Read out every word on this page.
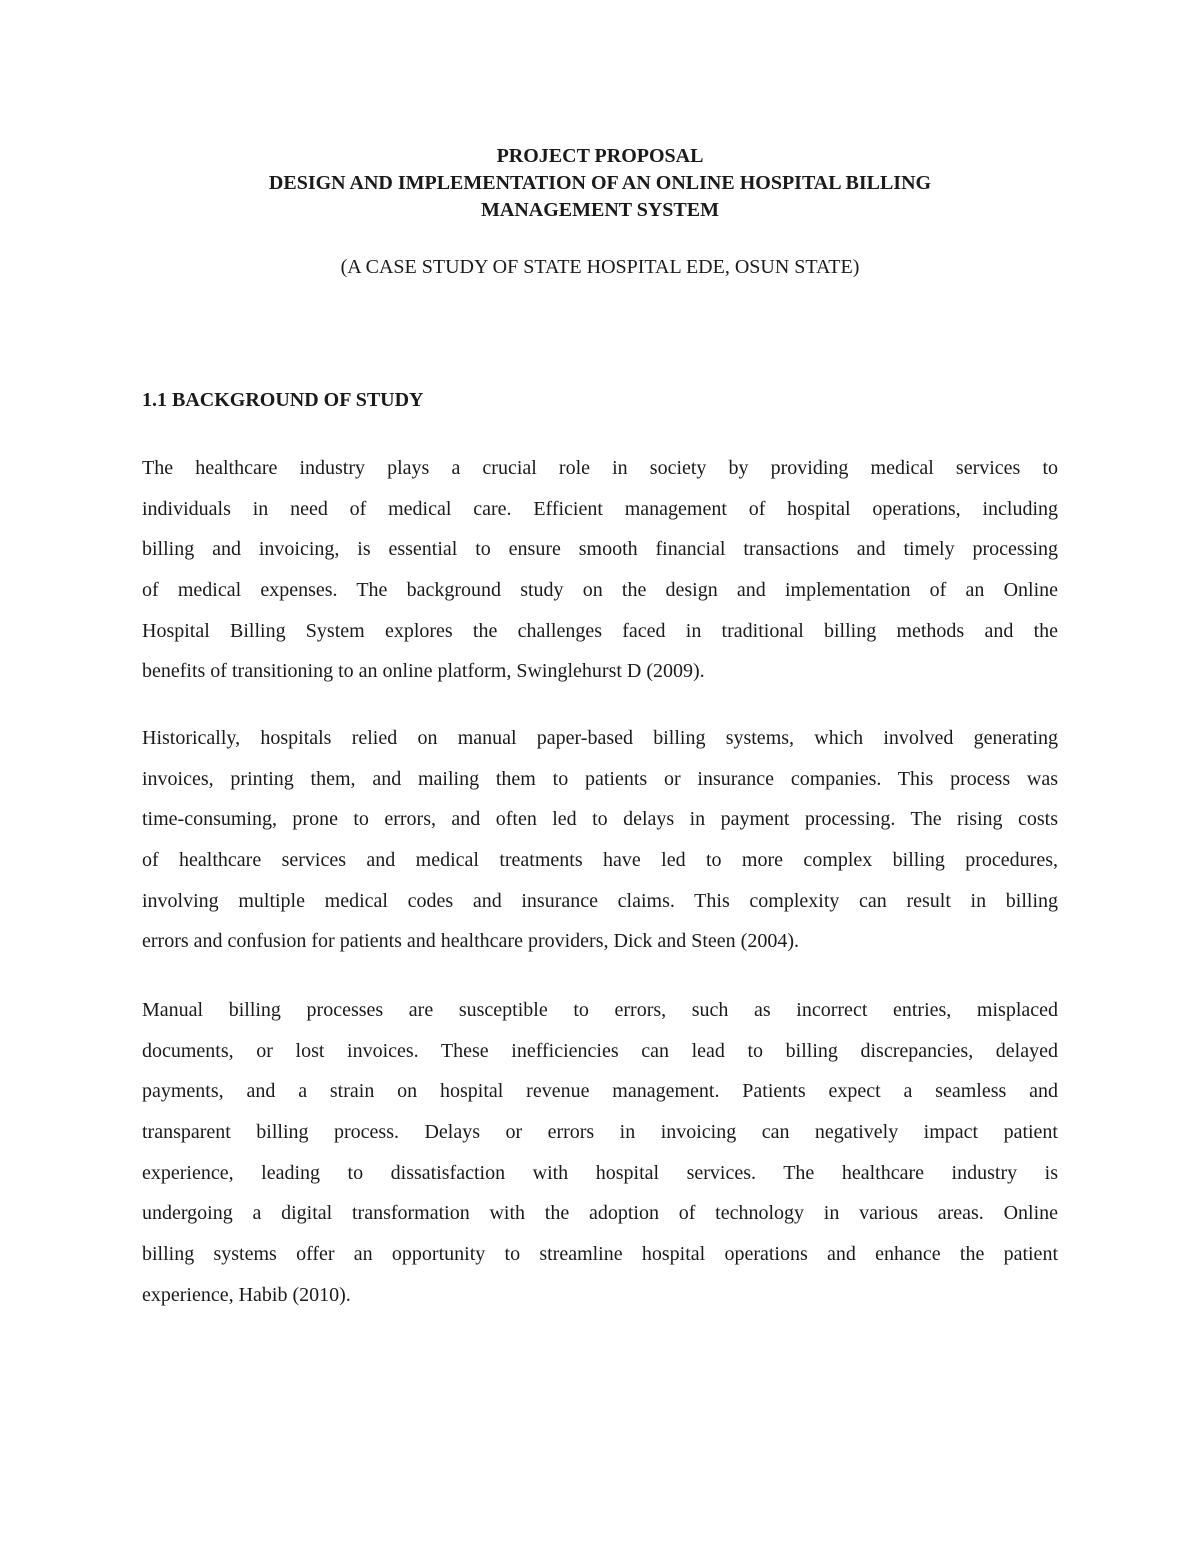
PROJECT PROPOSAL
DESIGN AND IMPLEMENTATION OF AN ONLINE HOSPITAL BILLING
MANAGEMENT SYSTEM
(A CASE STUDY OF STATE HOSPITAL EDE, OSUN STATE)
1.1 BACKGROUND OF STUDY
The healthcare industry plays a crucial role in society by providing medical services to
individuals in need of medical care. Efficient management of hospital operations, including
billing and invoicing, is essential to ensure smooth financial transactions and timely processing
of medical expenses. The background study on the design and implementation of an Online
Hospital Billing System explores the challenges faced in traditional billing methods and the
benefits of transitioning to an online platform, Swinglehurst D (2009).
Historically, hospitals relied on manual paper-based billing systems, which involved generating
invoices, printing them, and mailing them to patients or insurance companies. This process was
time-consuming, prone to errors, and often led to delays in payment processing. The rising costs
of healthcare services and medical treatments have led to more complex billing procedures,
involving multiple medical codes and insurance claims. This complexity can result in billing
errors and confusion for patients and healthcare providers, Dick and Steen (2004).
Manual billing processes are susceptible to errors, such as incorrect entries, misplaced
documents, or lost invoices. These inefficiencies can lead to billing discrepancies, delayed
payments, and a strain on hospital revenue management. Patients expect a seamless and
transparent billing process. Delays or errors in invoicing can negatively impact patient
experience, leading to dissatisfaction with hospital services. The healthcare industry is
undergoing a digital transformation with the adoption of technology in various areas. Online
billing systems offer an opportunity to streamline hospital operations and enhance the patient
experience, Habib (2010).
